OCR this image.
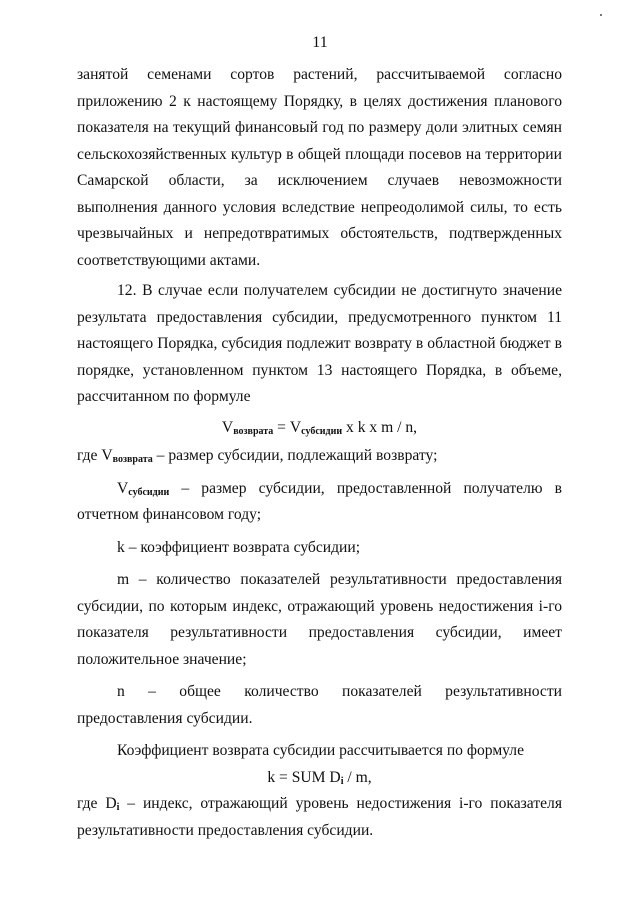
11

занятой семенами сортов растений, рассчитываемой согласно приложению 2 к настоящему Порядку, в целях достижения планового показателя на текущий финансовый год по размеру доли элитных семян сельскохозяйственных культур в общей площади посевов на территории Самарской области, за исключением случаев невозможности выполнения данного условия вследствие непреодолимой силы, то есть чрезвычайных и непредотвратимых обстоятельств, подтвержденных соответствующими актами.

12. В случае если получателем субсидии не достигнуто значение результата предоставления субсидии, предусмотренного пунктом 11 настоящего Порядка, субсидия подлежит возврату в областной бюджет в порядке, установленном пунктом 13 настоящего Порядка, в объеме, рассчитанном по формуле

$V_{возврата} = V_{субсидии}$ x k x m / n,

где $V_{возврата}$ – размер субсидии, подлежащий возврату;

$V_{субсидии}$ – размер субсидии, предоставленной получателю в отчетном финансовом году;

k – коэффициент возврата субсидии;

m – количество показателей результативности предоставления субсидии, по которым индекс, отражающий уровень недостижения i-го показателя результативности предоставления субсидии, имеет положительное значение;

n – общее количество показателей результативности предоставления субсидии.

Коэффициент возврата субсидии рассчитывается по формуле

k = SUM $D_i$ / m,

где $D_i$ – индекс, отражающий уровень недостижения i-го показателя результативности предоставления субсидии.
